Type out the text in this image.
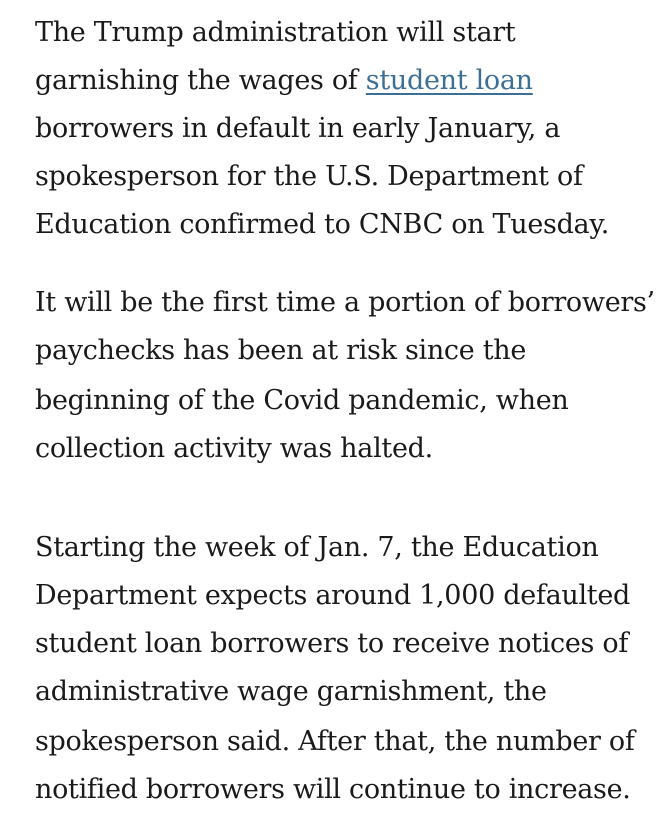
The Trump administration will start
garnishing the wages of student loan
borrowers in default in early January, a
spokesperson for the U.S. Department of
Education confirmed to CNBC on Tuesday.
It will be the first time a portion of borrowers’
paychecks has been at risk since the
beginning of the Covid pandemic, when
collection activity was halted.
Starting the week of Jan. 7, the Education
Department expects around 1,000 defaulted
student loan borrowers to receive notices of
administrative wage garnishment, the
spokesperson said. After that, the number of
notified borrowers will continue to increase.
